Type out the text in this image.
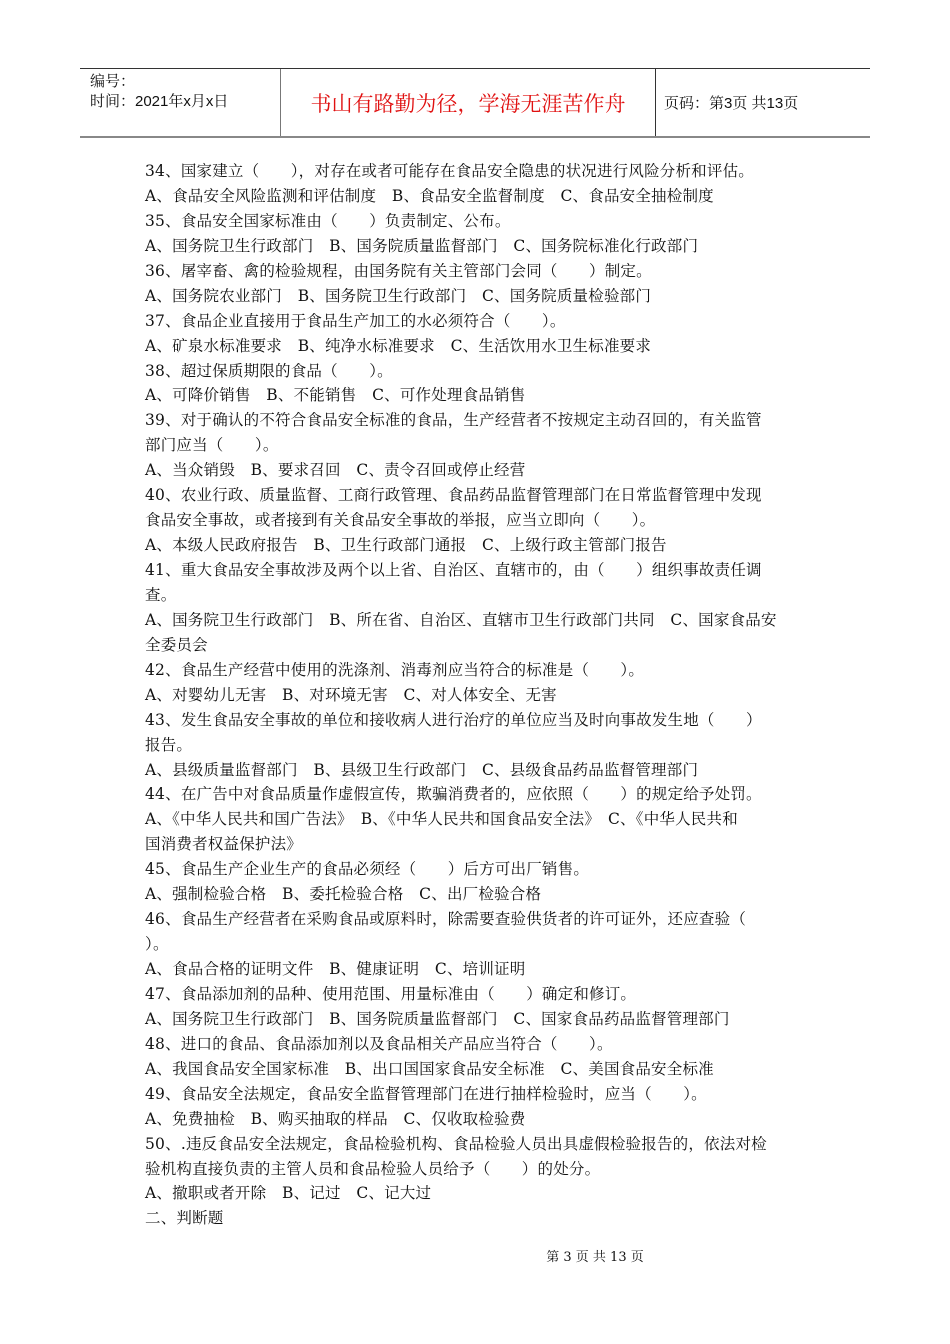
编号：
时间：2021年x月x日	书山有路勤为径，学海无涯苦作舟	页码：第3页 共13页
34、国家建立（　　），对存在或者可能存在食品安全隐患的状况进行风险分析和评估。
A、食品安全风险监测和评估制度　B、食品安全监督制度　C、食品安全抽检制度
35、食品安全国家标准由（　　）负责制定、公布。
A、国务院卫生行政部门　B、国务院质量监督部门　C、国务院标准化行政部门
36、屠宰畜、禽的检验规程，由国务院有关主管部门会同（　　）制定。
A、国务院农业部门　B、国务院卫生行政部门　C、国务院质量检验部门
37、食品企业直接用于食品生产加工的水必须符合（　　）。
A、矿泉水标准要求　B、纯净水标准要求　C、生活饮用水卫生标准要求
38、超过保质期限的食品（　　）。
A、可降价销售　B、不能销售　C、可作处理食品销售
39、对于确认的不符合食品安全标准的食品，生产经营者不按规定主动召回的，有关监管
部门应当（　　）。
A、当众销毁　B、要求召回　C、责令召回或停止经营
40、农业行政、质量监督、工商行政管理、食品药品监督管理部门在日常监督管理中发现
食品安全事故，或者接到有关食品安全事故的举报，应当立即向（　　）。
A、本级人民政府报告　B、卫生行政部门通报　C、上级行政主管部门报告
41、重大食品安全事故涉及两个以上省、自治区、直辖市的，由（　　）组织事故责任调
查。
A、国务院卫生行政部门　B、所在省、自治区、直辖市卫生行政部门共同　C、国家食品安
全委员会
42、食品生产经营中使用的洗涤剂、消毒剂应当符合的标准是（　　）。
A、对婴幼儿无害　B、对环境无害　C、对人体安全、无害
43、发生食品安全事故的单位和接收病人进行治疗的单位应当及时向事故发生地（　　）
报告。
A、县级质量监督部门　B、县级卫生行政部门　C、县级食品药品监督管理部门
44、在广告中对食品质量作虚假宣传，欺骗消费者的，应依照（　　）的规定给予处罚。
A、《中华人民共和国广告法》　B、《中华人民共和国食品安全法》　C、《中华人民共和
国消费者权益保护法》
45、食品生产企业生产的食品必须经（　　）后方可出厂销售。
A、强制检验合格　B、委托检验合格　C、出厂检验合格
46、食品生产经营者在采购食品或原料时，除需要查验供货者的许可证外，还应查验（
）。
A、食品合格的证明文件　B、健康证明　C、培训证明
47、食品添加剂的品种、使用范围、用量标准由（　　）确定和修订。
A、国务院卫生行政部门　B、国务院质量监督部门　C、国家食品药品监督管理部门
48、进口的食品、食品添加剂以及食品相关产品应当符合（　　）。
A、我国食品安全国家标准　B、出口国国家食品安全标准　C、美国食品安全标准
49、食品安全法规定，食品安全监督管理部门在进行抽样检验时，应当（　　）。
A、免费抽检　B、购买抽取的样品　C、仅收取检验费
50、.违反食品安全法规定，食品检验机构、食品检验人员出具虚假检验报告的，依法对检
验机构直接负责的主管人员和食品检验人员给予（　　）的处分。
A、撤职或者开除　B、记过　C、记大过
二、判断题
第 3 页 共 13 页
